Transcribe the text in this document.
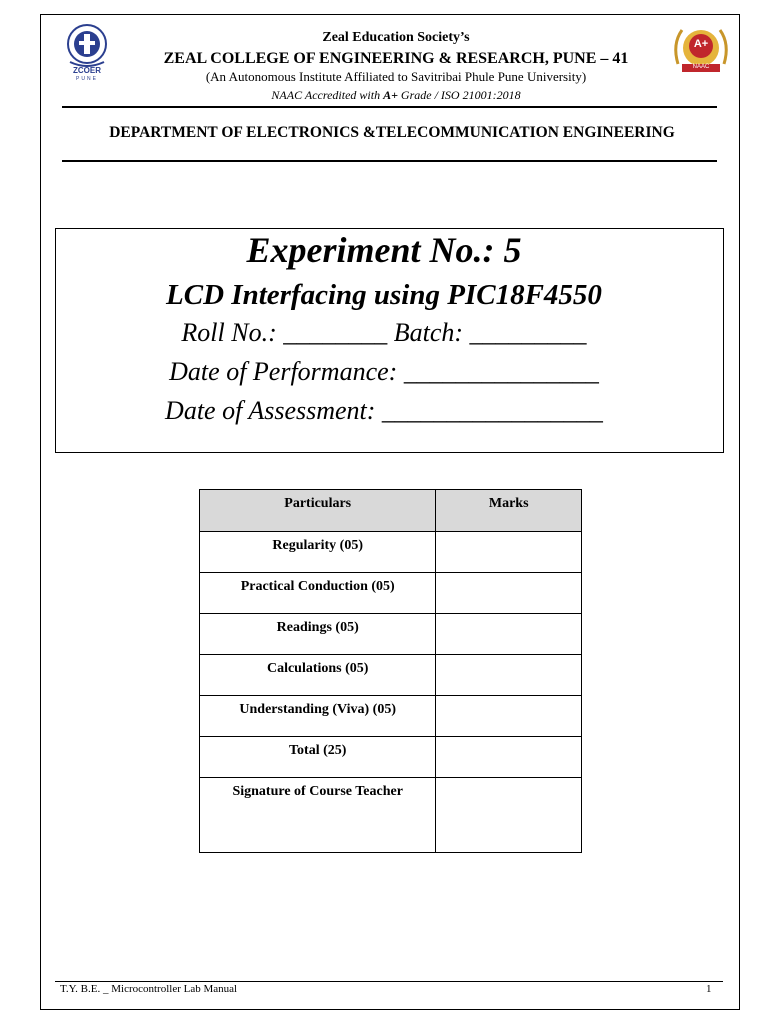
ZCOER
PUNE
A+
NAAC
Zeal Education Society’s
ZEAL COLLEGE OF ENGINEERING & RESEARCH, PUNE – 41
(An Autonomous Institute Affiliated to Savitribai Phule Pune University)
NAAC Accredited with A+ Grade / ISO 21001:2018
DEPARTMENT OF ELECTRONICS &TELECOMMUNICATION ENGINEERING
Experiment No.: 5
LCD Interfacing using PIC18F4550
Roll No.: ________ Batch: _________
Date of Performance: _______________
Date of Assessment: _________________
Particulars	Marks
Regularity (05)	
Practical Conduction (05)	
Readings (05)	
Calculations (05)	
Understanding (Viva) (05)	
Total (25)	
Signature of Course Teacher	
T.Y. B.E. _ Microcontroller Lab Manual	1
